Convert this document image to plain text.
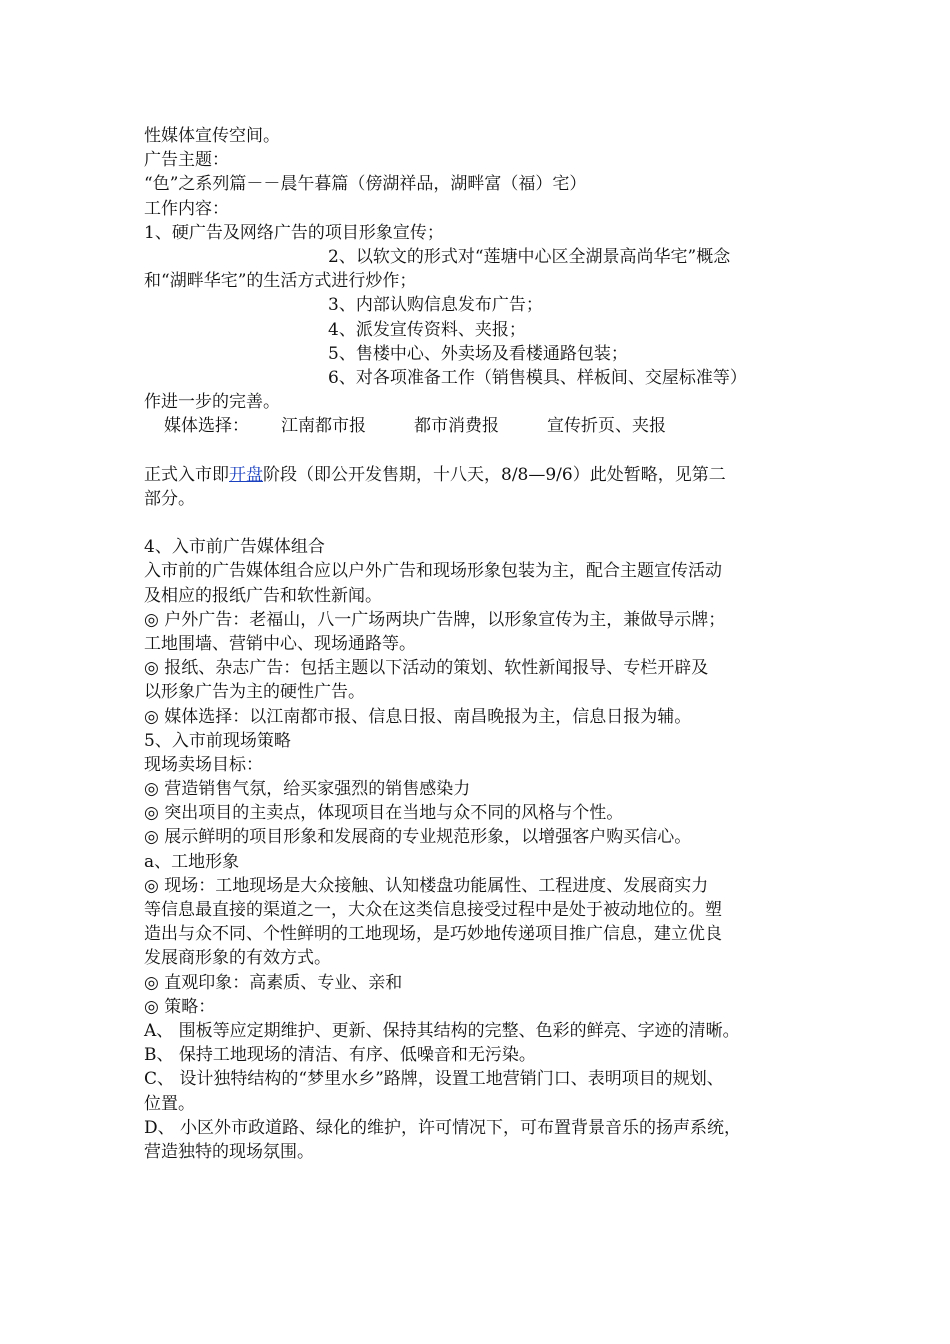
性媒体宣传空间。
广告主题：
“色”之系列篇－－晨午暮篇（傍湖祥品，湖畔富（福）宅）
工作内容：
1、硬广告及网络广告的项目形象宣传；
2、以软文的形式对“莲塘中心区全湖景高尚华宅”概念
和“湖畔华宅”的生活方式进行炒作；
3、内部认购信息发布广告；
4、派发宣传资料、夹报；
5、售楼中心、外卖场及看楼通路包装；
6、对各项准备工作（销售模具、样板间、交屋标准等）
作进一步的完善。
媒体选择： 江南都市报	都市消费报	宣传折页、夹报
正式入市即开盘阶段（即公开发售期，十八天，8/8—9/6）此处暂略，见第二
部分。
4、入市前广告媒体组合
入市前的广告媒体组合应以户外广告和现场形象包装为主，配合主题宣传活动
及相应的报纸广告和软性新闻。
◎ 户外广告：老福山，八一广场两块广告牌，以形象宣传为主，兼做导示牌；
工地围墙、营销中心、现场通路等。
◎ 报纸、杂志广告：包括主题以下活动的策划、软性新闻报导、专栏开辟及
以形象广告为主的硬性广告。
◎ 媒体选择：以江南都市报、信息日报、南昌晚报为主，信息日报为辅。
5、入市前现场策略
现场卖场目标：
◎ 营造销售气氛，给买家强烈的销售感染力
◎ 突出项目的主卖点，体现项目在当地与众不同的风格与个性。
◎ 展示鲜明的项目形象和发展商的专业规范形象，以增强客户购买信心。
a、工地形象
◎ 现场：工地现场是大众接触、认知楼盘功能属性、工程进度、发展商实力
等信息最直接的渠道之一，大众在这类信息接受过程中是处于被动地位的。塑
造出与众不同、个性鲜明的工地现场，是巧妙地传递项目推广信息，建立优良
发展商形象的有效方式。
◎ 直观印象：高素质、专业、亲和
◎ 策略：
A、 围板等应定期维护、更新、保持其结构的完整、色彩的鲜亮、字迹的清晰。
B、 保持工地现场的清洁、有序、低噪音和无污染。
C、 设计独特结构的“梦里水乡”路牌，设置工地营销门口、表明项目的规划、
位置。
D、 小区外市政道路、绿化的维护，许可情况下，可布置背景音乐的扬声系统，
营造独特的现场氛围。
